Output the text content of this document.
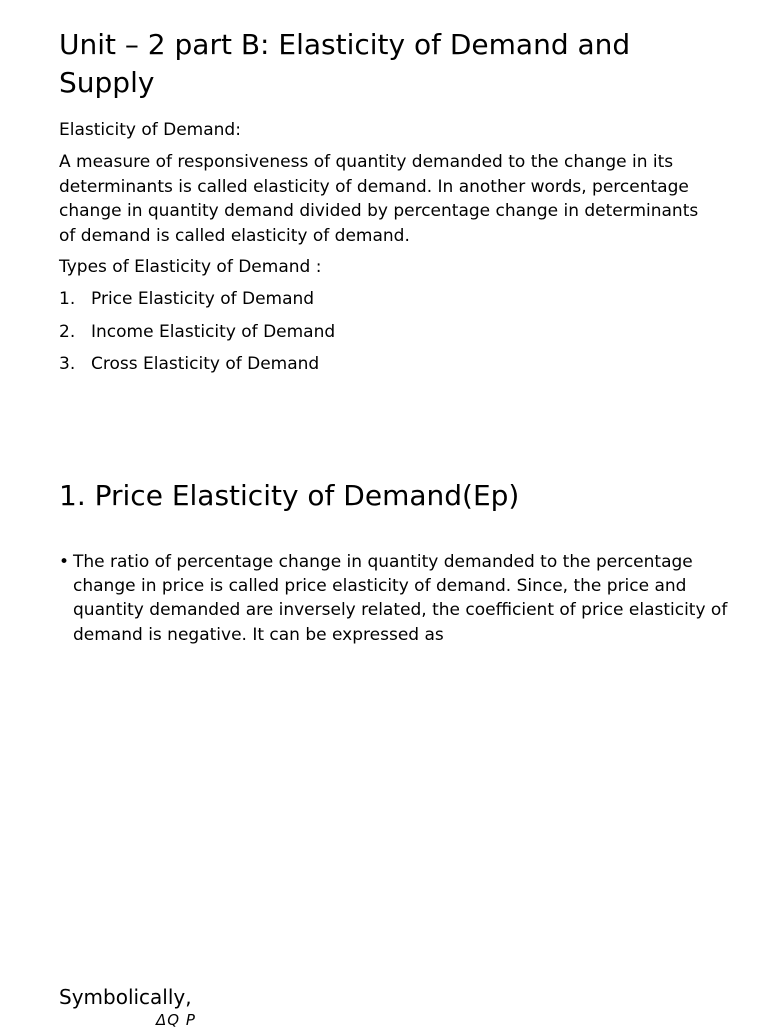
Unit – 2 part B: Elasticity of Demand and Supply

Elasticity of Demand:

A measure of responsiveness of quantity demanded to the change in its determinants is called elasticity of demand. In another words, percentage change in quantity demand divided by percentage change in determinants of demand is called elasticity of demand.

Types of Elasticity of Demand :

1. Price Elasticity of Demand
2. Income Elasticity of Demand
3. Cross Elasticity of Demand
1. Price Elasticity of Demand(Ep)
• The ratio of percentage change in quantity demanded to the percentage change in price is called price elasticity of demand. Since, the price and quantity demanded are inversely related, the coefficient of price elasticity of demand is negative. It can be expressed as

Symbolically,

ΔQ P
